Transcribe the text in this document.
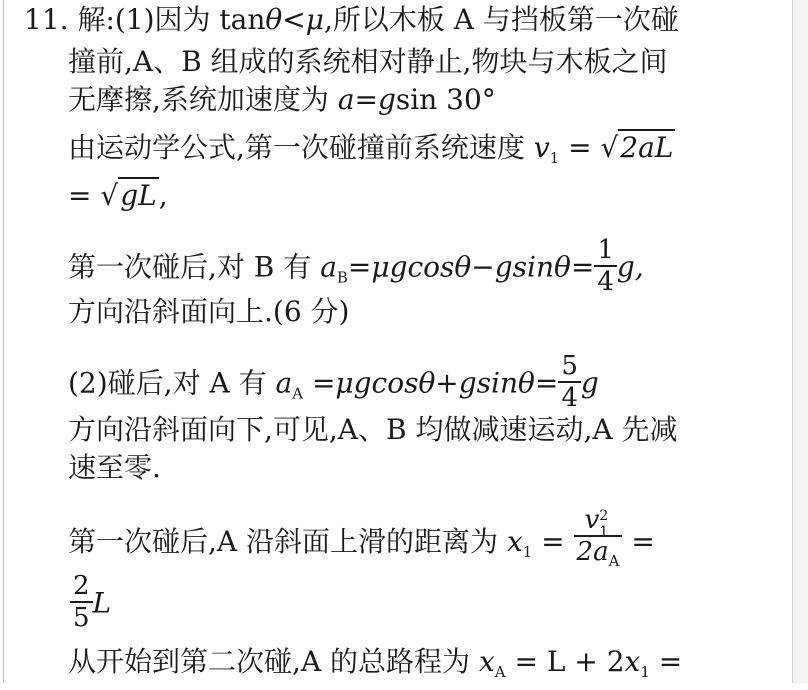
11. 解:(1)因为 tanθ<μ,所以木板 A 与挡板第一次碰
撞前,A、B 组成的系统相对静止,物块与木板之间
无摩擦,系统加速度为 a=gsin 30°
由运动学公式,第一次碰撞前系统速度 $v_1 = √2aL$
= √gL,
第一次碰后,对 B 有 $a_B=\mu gcos\theta-gsin\theta= \frac{1}{4} g$,
方向沿斜面向上.(6 分)
(2)碰后,对 A 有 $a_A =\mu gcos\theta+gsin\theta= \frac{5}{4}$ g
方向沿斜面向下,可见,A、B 均做减速运动,A 先减
速至零.
第一次碰后,A 沿斜面上滑的距离为 $x_1 = v$ 2
1
$2a_A$ =
$\frac{2}{5}$ L
从开始到第二次碰,A 的总路程为 $x_A = L + 2x_1$ =
